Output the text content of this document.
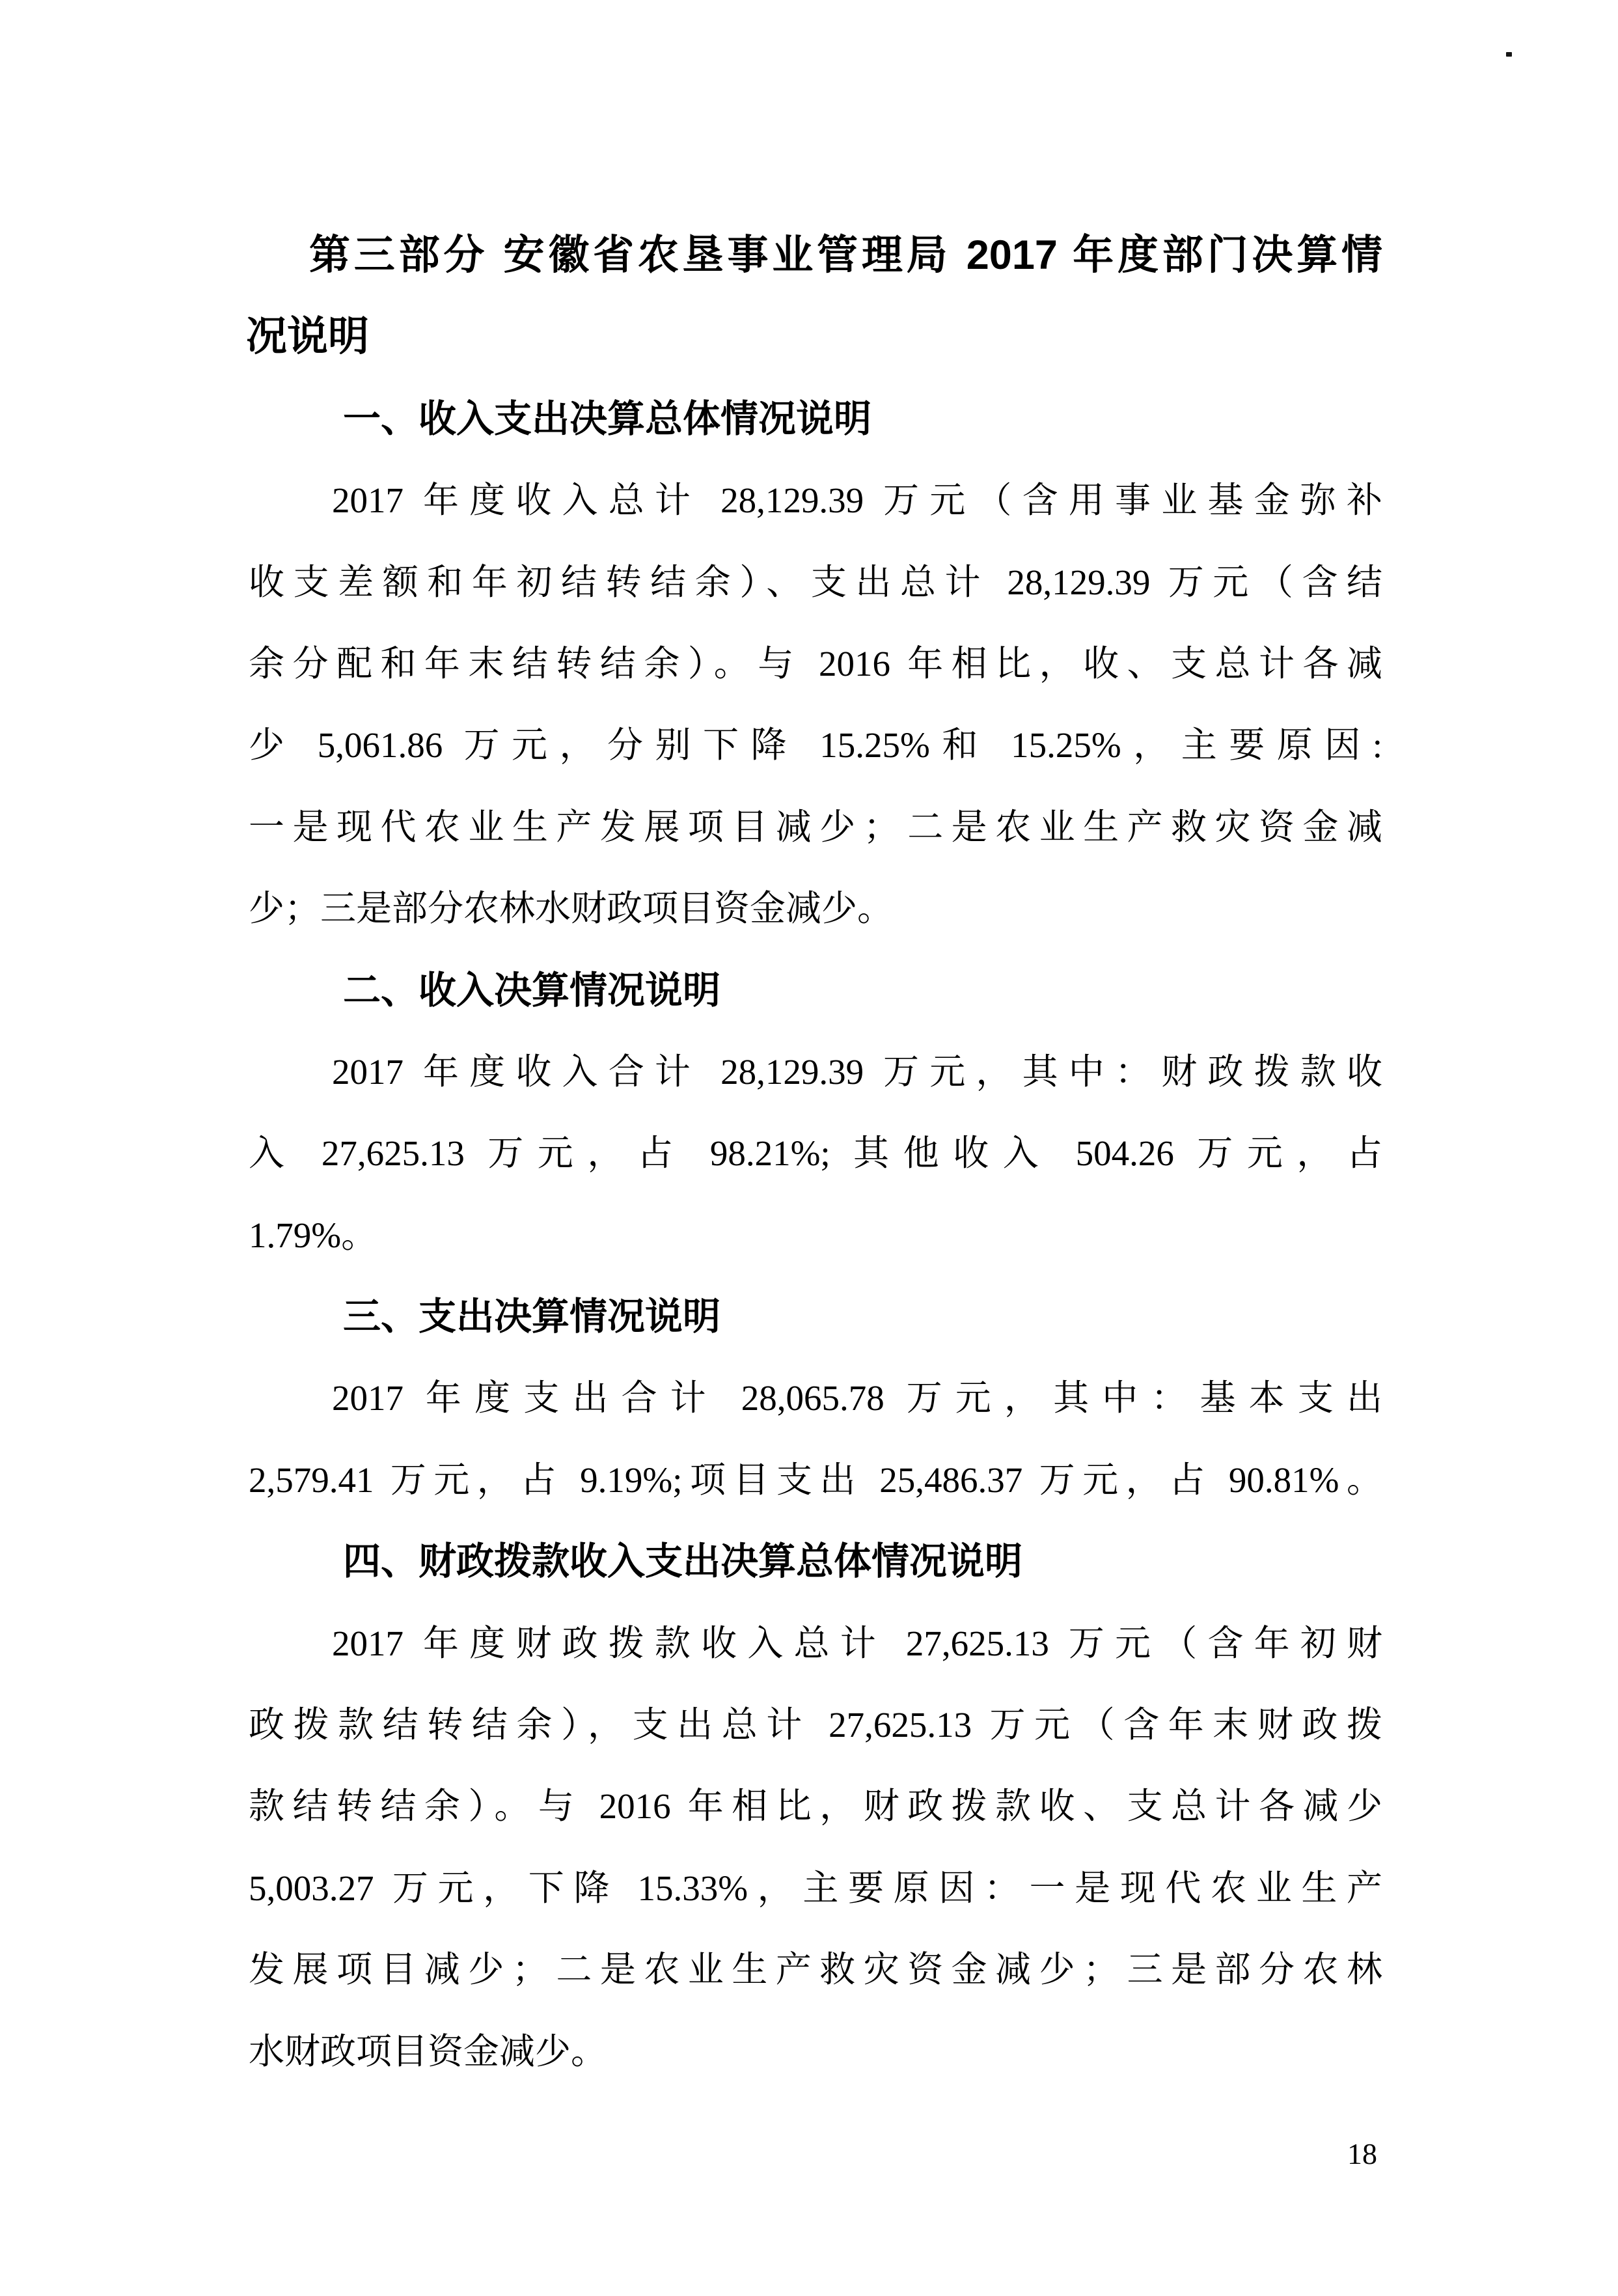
第三部分 安徽省农垦事业管理局 2017 年度部门决算情
况说明
一、收入支出决算总体情况说明
2017 年度收入总计 28,129.39 万元（含用事业基金弥补
收支差额和年初结转结余）、支出总计 28,129.39 万元（含结
余分配和年末结转结余）。与 2016 年相比，收、支总计各减
少 5,061.86 万元，分别下降 15.25%和 15.25%，主要原因:
一是现代农业生产发展项目减少；二是农业生产救灾资金减
少；三是部分农林水财政项目资金减少。
二、收入决算情况说明
2017 年度收入合计 28,129.39 万元，其中：财政拨款收
入 27,625.13 万元，占 98.21%; 其他收入 504.26 万元，占
1.79%。
三、支出决算情况说明
2017 年度支出合计 28,065.78 万元，其中：基本支出
2,579.41 万元，占 9.19%;项目支出 25,486.37 万元，占 90.81%。
四、财政拨款收入支出决算总体情况说明
2017 年度财政拨款收入总计 27,625.13 万元（含年初财
政拨款结转结余），支出总计 27,625.13 万元（含年末财政拨
款结转结余）。与 2016 年相比，财政拨款收、支总计各减少
5,003.27 万元，下降 15.33%，主要原因：一是现代农业生产
发展项目减少；二是农业生产救灾资金减少；三是部分农林
水财政项目资金减少。
18
